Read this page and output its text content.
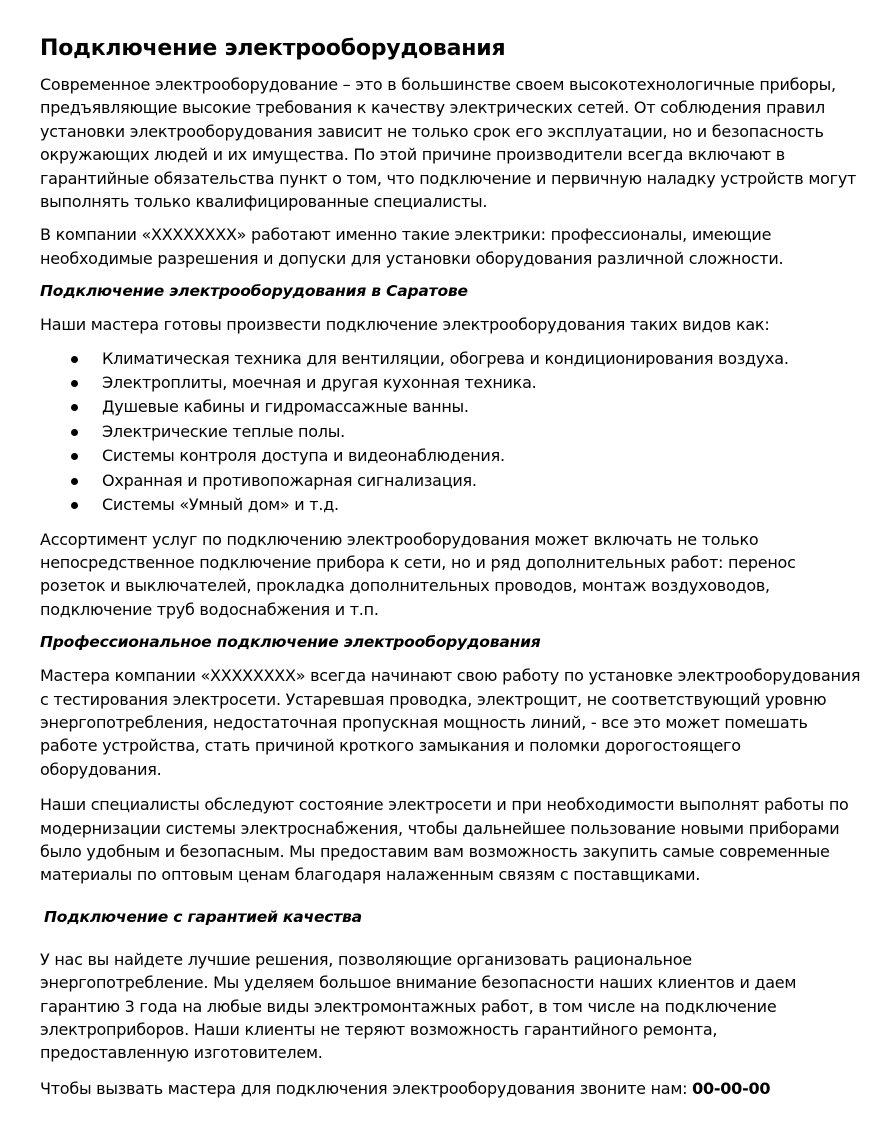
Подключение электрооборудования

Современное электрооборудование – это в большинстве своем высокотехнологичные приборы, предъявляющие высокие требования к качеству электрических сетей. От соблюдения правил установки электрооборудования зависит не только срок его эксплуатации, но и безопасность окружающих людей и их имущества. По этой причине производители всегда включают в гарантийные обязательства пункт о том, что подключение и первичную наладку устройств могут выполнять только квалифицированные специалисты.

В компании «ХХХХХХХХ» работают именно такие электрики: профессионалы, имеющие необходимые разрешения и допуски для установки оборудования различной сложности.

Подключение электрооборудования в Саратове

Наши мастера готовы произвести подключение электрооборудования таких видов как:

Климатическая техника для вентиляции, обогрева и кондиционирования воздуха.
Электроплиты, моечная и другая кухонная техника.
Душевые кабины и гидромассажные ванны.
Электрические теплые полы.
Системы контроля доступа и видеонаблюдения.
Охранная и противопожарная сигнализация.
Системы «Умный дом» и т.д.

Ассортимент услуг по подключению электрооборудования может включать не только непосредственное подключение прибора к сети, но и ряд дополнительных работ: перенос розеток и выключателей, прокладка дополнительных проводов, монтаж воздуховодов, подключение труб водоснабжения и т.п.

Профессиональное подключение электрооборудования

Мастера компании «ХХХХХХХХ» всегда начинают свою работу по установке электрооборудования с тестирования электросети. Устаревшая проводка, электрощит, не соответствующий уровню энергопотребления, недостаточная пропускная мощность линий, - все это может помешать работе устройства, стать причиной кроткого замыкания и поломки дорогостоящего оборудования.

Наши специалисты обследуют состояние электросети и при необходимости выполнят работы по модернизации системы электроснабжения, чтобы дальнейшее пользование новыми приборами было удобным и безопасным. Мы предоставим вам возможность закупить самые современные материалы по оптовым ценам благодаря налаженным связям с поставщиками.

Подключение с гарантией качества

У нас вы найдете лучшие решения, позволяющие организовать рациональное энергопотребление. Мы уделяем большое внимание безопасности наших клиентов и даем гарантию 3 года на любые виды электромонтажных работ, в том числе на подключение электроприборов. Наши клиенты не теряют возможность гарантийного ремонта, предоставленную изготовителем.

Чтобы вызвать мастера для подключения электрооборудования звоните нам: 00-00-00
